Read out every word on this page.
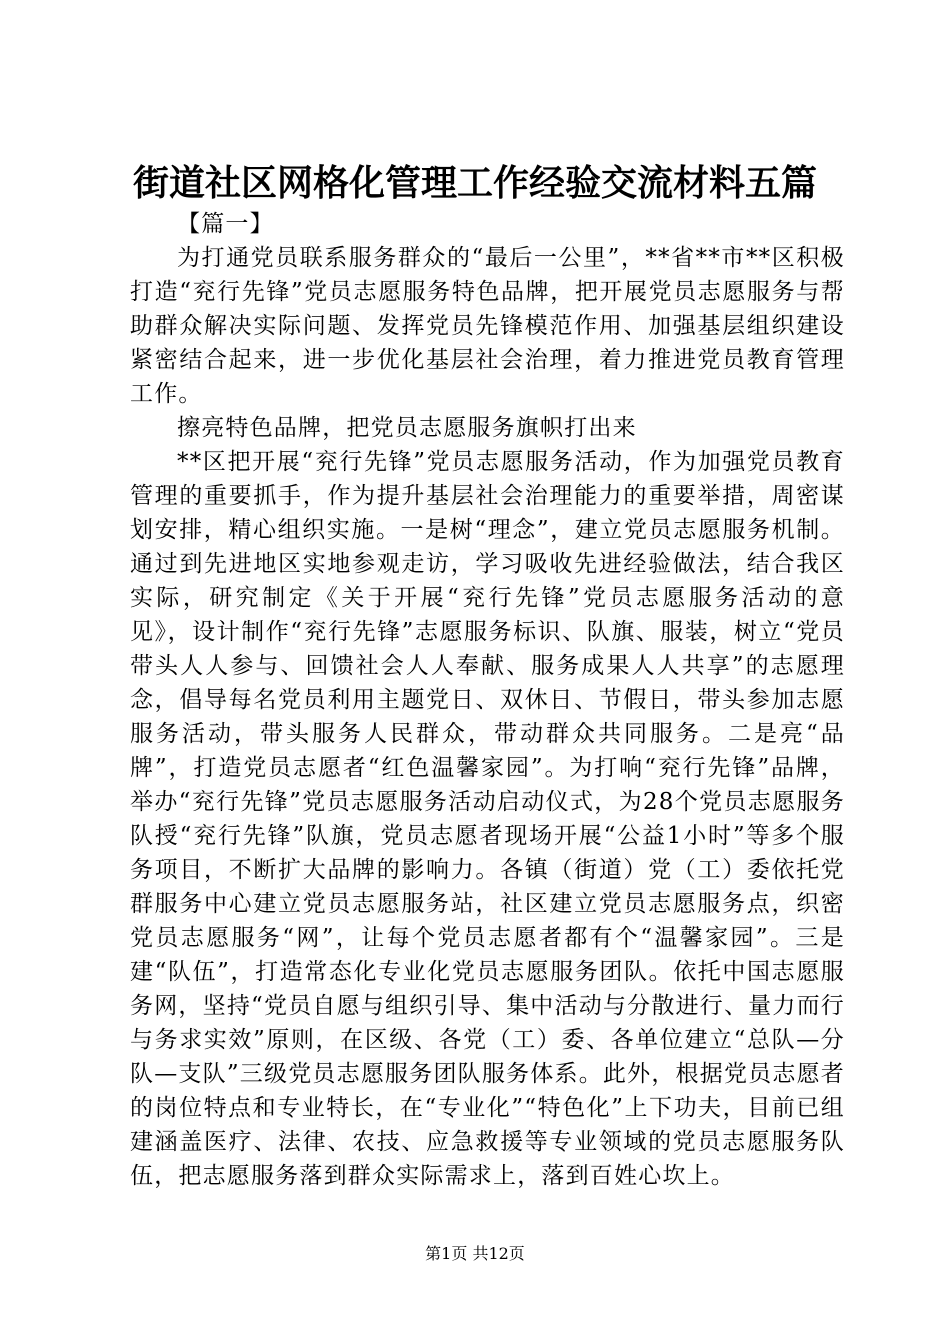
街道社区网格化管理工作经验交流材料五篇

【篇一】

为打通党员联系服务群众的“最后一公里”，**省**市**区积极打造“兖行先锋”党员志愿服务特色品牌，把开展党员志愿服务与帮助群众解决实际问题、发挥党员先锋模范作用、加强基层组织建设紧密结合起来，进一步优化基层社会治理，着力推进党员教育管理工作。

擦亮特色品牌，把党员志愿服务旗帜打出来

**区把开展“兖行先锋”党员志愿服务活动，作为加强党员教育管理的重要抓手，作为提升基层社会治理能力的重要举措，周密谋划安排，精心组织实施。一是树“理念”，建立党员志愿服务机制。通过到先进地区实地参观走访，学习吸收先进经验做法，结合我区实际，研究制定《关于开展“兖行先锋”党员志愿服务活动的意见》，设计制作“兖行先锋”志愿服务标识、队旗、服装，树立“党员带头人人参与、回馈社会人人奉献、服务成果人人共享”的志愿理念，倡导每名党员利用主题党日、双休日、节假日，带头参加志愿服务活动，带头服务人民群众，带动群众共同服务。二是亮“品牌”，打造党员志愿者“红色温馨家园”。为打响“兖行先锋”品牌，举办“兖行先锋”党员志愿服务活动启动仪式，为28个党员志愿服务队授“兖行先锋”队旗，党员志愿者现场开展“公益1小时”等多个服务项目，不断扩大品牌的影响力。各镇（街道）党（工）委依托党群服务中心建立党员志愿服务站，社区建立党员志愿服务点，织密党员志愿服务“网”，让每个党员志愿者都有个“温馨家园”。三是建“队伍”，打造常态化专业化党员志愿服务团队。依托中国志愿服务网，坚持“党员自愿与组织引导、集中活动与分散进行、量力而行与务求实效”原则，在区级、各党（工）委、各单位建立“总队—分队—支队”三级党员志愿服务团队服务体系。此外，根据党员志愿者的岗位特点和专业特长，在“专业化”“特色化”上下功夫，目前已组建涵盖医疗、法律、农技、应急救援等专业领域的党员志愿服务队伍，把志愿服务落到群众实际需求上，落到百姓心坎上。

第1页 共12页
